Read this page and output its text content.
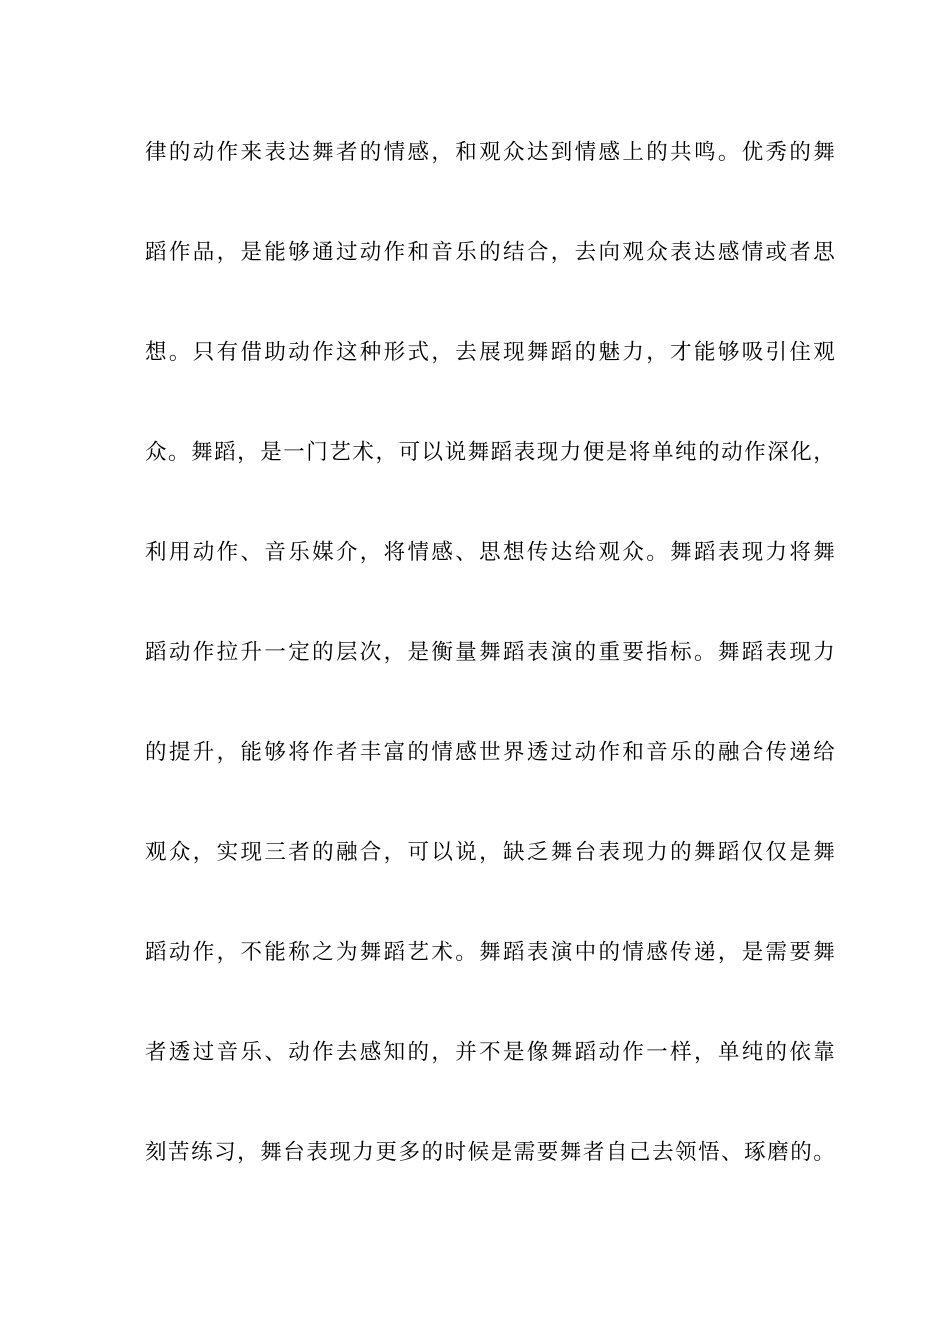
律的动作来表达舞者的情感，和观众达到情感上的共鸣。优秀的舞
蹈作品，是能够通过动作和音乐的结合，去向观众表达感情或者思
想。只有借助动作这种形式，去展现舞蹈的魅力，才能够吸引住观
众。舞蹈，是一门艺术，可以说舞蹈表现力便是将单纯的动作深化，
利用动作、音乐媒介，将情感、思想传达给观众。舞蹈表现力将舞
蹈动作拉升一定的层次，是衡量舞蹈表演的重要指标。舞蹈表现力
的提升，能够将作者丰富的情感世界透过动作和音乐的融合传递给
观众，实现三者的融合，可以说，缺乏舞台表现力的舞蹈仅仅是舞
蹈动作，不能称之为舞蹈艺术。舞蹈表演中的情感传递，是需要舞
者透过音乐、动作去感知的，并不是像舞蹈动作一样，单纯的依靠
刻苦练习，舞台表现力更多的时候是需要舞者自己去领悟、琢磨的。
